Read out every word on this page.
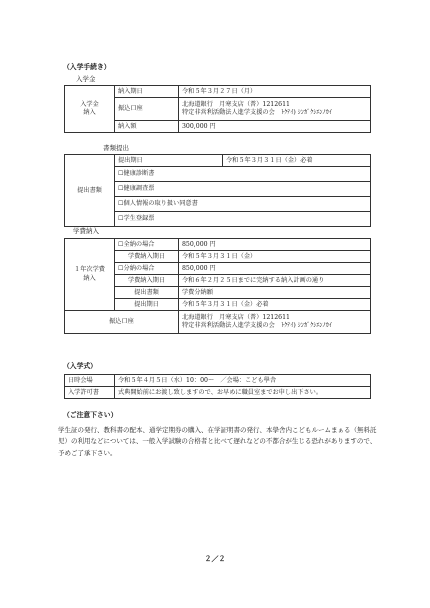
（入学手続き）
入学金
入学金
納入	納入期日	令和５年３月２７日（月）
	振込口座	北海道銀行　月寒支店（普）1212611
特定非営利活動法人進学支援の会　ﾄｸﾃｲ) ｼﾝｶﾞｸｼｴﾝﾉｶｲ
	納入額	300,000 円
書類提出
提出書類	提出期日	令和５年３月３１日（金）必着
☐健康診断書
☐健康調査票
☐個人情報の取り扱い同意書
☐学生登録票
学費納入
１年次学費
納入	☐全納の場合	850,000 円
	学費納入期日	令和５年３月３１日（金）
	☐分納の場合	850,000 円
	学費納入期日	令和６年２月２５日までに完納する納入計画の通り
	提出書類	学費分納願
	提出期日	令和５年３月３１日（金）必着
振込口座		北海道銀行　月寒支店（普）1212611
特定非営利活動法人進学支援の会　ﾄｸﾃｲ) ｼﾝｶﾞｸｼｴﾝﾉｶｲ
（入学式）
日時会場	令和５年４月５日（水）10：00～　／会場：こども學舎
入学許可書	式典開始前にお渡し致しますので、お早めに職員室までお申し出下さい。
（ご注意下さい）
学生証の発行、教科書の配本、通学定期券の購入、在学証明書の発行、本學舎内こどもルームまぁる（無料託児）の利用などについては、一般入学試験の合格者と比べて遅れなどの不都合が生じる恐れがありますので、予めご了承下さい。
２／２
